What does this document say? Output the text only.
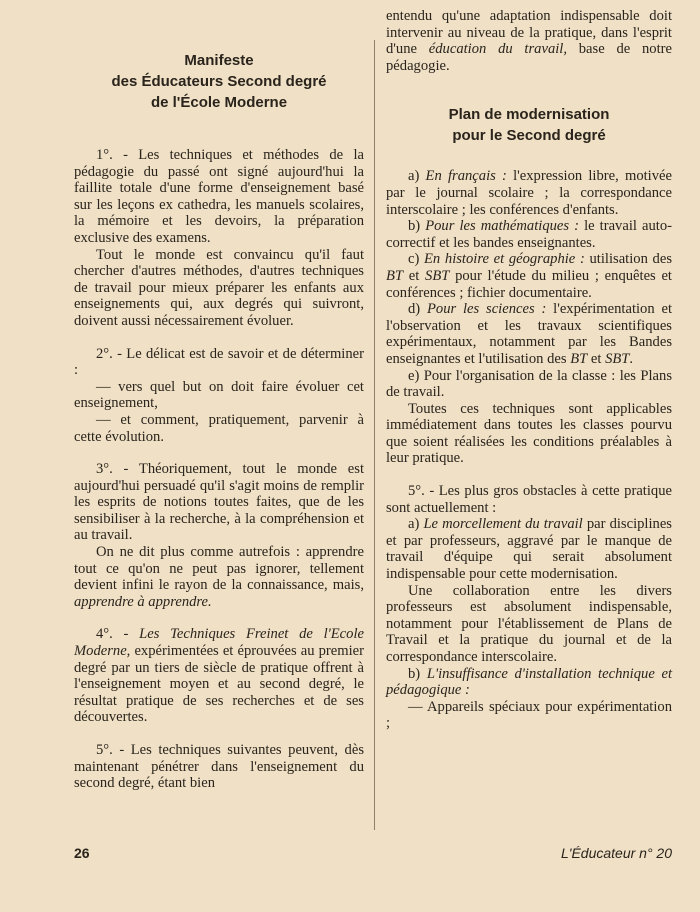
Manifeste
des Éducateurs Second degré
de l'École Moderne

1°. - Les techniques et méthodes de la pédagogie du passé ont signé aujourd'hui la faillite totale d'une forme d'enseignement basé sur les leçons ex cathedra, les manuels scolaires, la mémoire et les devoirs, la préparation exclusive des examens.

Tout le monde est convaincu qu'il faut chercher d'autres méthodes, d'autres techniques de travail pour mieux préparer les enfants aux enseignements qui, aux degrés qui suivront, doivent aussi nécessairement évoluer.

2°. - Le délicat est de savoir et de déterminer :

— vers quel but on doit faire évoluer cet enseignement,

— et comment, pratiquement, parvenir à cette évolution.

3°. - Théoriquement, tout le monde est aujourd'hui persuadé qu'il s'agit moins de remplir les esprits de notions toutes faites, que de les sensibiliser à la recherche, à la compréhension et au travail.

On ne dit plus comme autrefois : apprendre tout ce qu'on ne peut pas ignorer, tellement devient infini le rayon de la connaissance, mais, apprendre à apprendre.

4°. - Les Techniques Freinet de l'Ecole Moderne, expérimentées et éprouvées au premier degré par un tiers de siècle de pratique offrent à l'enseignement moyen et au second degré, le résultat pratique de ses recherches et de ses découvertes.

5°. - Les techniques suivantes peuvent, dès maintenant pénétrer dans l'enseignement du second degré, étant bien

entendu qu'une adaptation indispensable doit intervenir au niveau de la pratique, dans l'esprit d'une éducation du travail, base de notre pédagogie.

Plan de modernisation
pour le Second degré

a) En français : l'expression libre, motivée par le journal scolaire ; la correspondance interscolaire ; les conférences d'enfants.

b) Pour les mathématiques : le travail auto-correctif et les bandes enseignantes.

c) En histoire et géographie : utilisation des BT et SBT pour l'étude du milieu ; enquêtes et conférences ; fichier documentaire.

d) Pour les sciences : l'expérimentation et l'observation et les travaux scientifiques expérimentaux, notamment par les Bandes enseignantes et l'utilisation des BT et SBT.

e) Pour l'organisation de la classe : les Plans de travail.

Toutes ces techniques sont applicables immédiatement dans toutes les classes pourvu que soient réalisées les conditions préalables à leur pratique.

5°. - Les plus gros obstacles à cette pratique sont actuellement :

a) Le morcellement du travail par disciplines et par professeurs, aggravé par le manque de travail d'équipe qui serait absolument indispensable pour cette modernisation.

Une collaboration entre les divers professeurs est absolument indispensable, notamment pour l'établissement de Plans de Travail et la pratique du journal et de la correspondance interscolaire.

b) L'insuffisance d'installation technique et pédagogique :

— Appareils spéciaux pour expérimentation ;

26	L'Éducateur n° 20
